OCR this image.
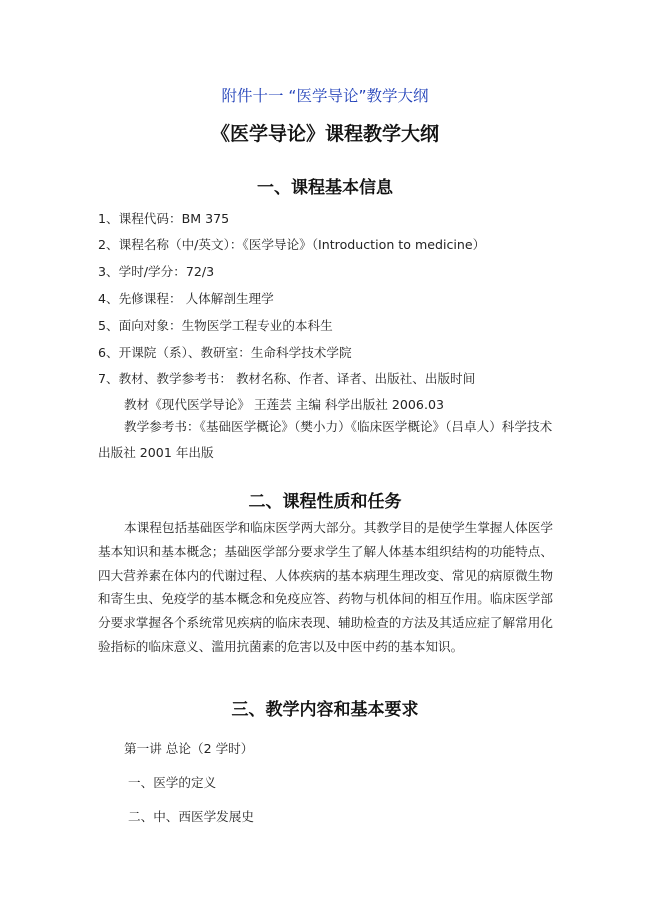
附件十一 “医学导论”教学大纲
《医学导论》课程教学大纲
一、课程基本信息
1、课程代码：BM 375
2、课程名称（中/英文）：《医学导论》（Introduction to medicine）
3、学时/学分：72/3
4、先修课程： 人体解剖生理学
5、面向对象：生物医学工程专业的本科生
6、开课院（系）、教研室：生命科学技术学院
7、教材、教学参考书： 教材名称、作者、译者、出版社、出版时间
教材《现代医学导论》 王莲芸 主编 科学出版社 2006.03
教学参考书：《基础医学概论》（樊小力）《临床医学概论》（吕卓人）科学技术出版社 2001 年出版
二、课程性质和任务
本课程包括基础医学和临床医学两大部分。其教学目的是使学生掌握人体医学基本知识和基本概念；基础医学部分要求学生了解人体基本组织结构的功能特点、四大营养素在体内的代谢过程、人体疾病的基本病理生理改变、常见的病原微生物和寄生虫、免疫学的基本概念和免疫应答、药物与机体间的相互作用。临床医学部分要求掌握各个系统常见疾病的临床表现、辅助检查的方法及其适应症了解常用化验指标的临床意义、滥用抗菌素的危害以及中医中药的基本知识。
三、教学内容和基本要求
第一讲 总论（2 学时）
一、医学的定义
二、中、西医学发展史
